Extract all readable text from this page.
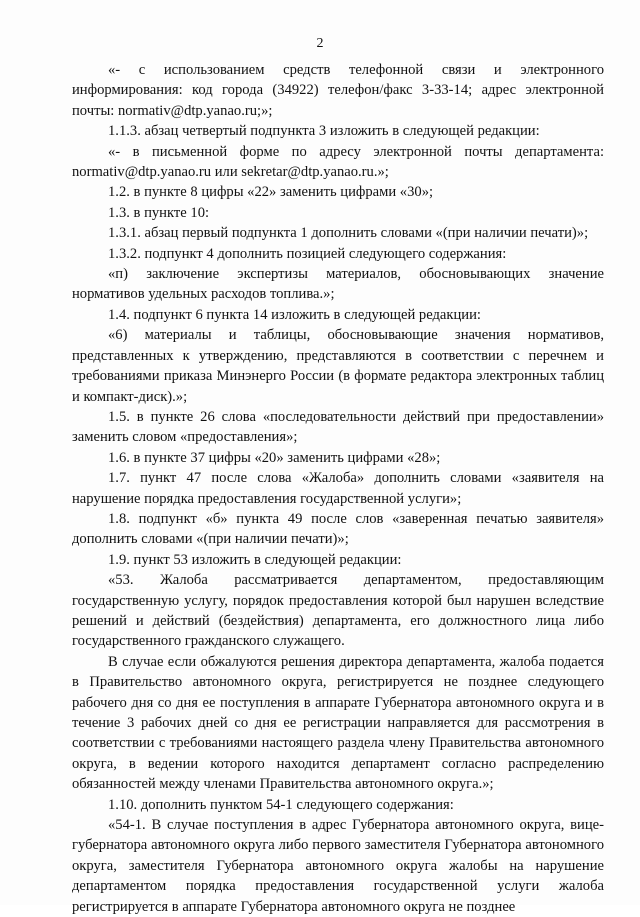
2

«- с использованием средств телефонной связи и электронного информирования: код города (34922) телефон/факс 3-33-14; адрес электронной почты: normativ@dtp.yanao.ru;»;

1.1.3. абзац четвертый подпункта 3 изложить в следующей редакции:

«- в письменной форме по адресу электронной почты департамента: normativ@dtp.yanao.ru или sekretar@dtp.yanao.ru.»;

1.2. в пункте 8 цифры «22» заменить цифрами «30»;

1.3. в пункте 10:

1.3.1. абзац первый подпункта 1 дополнить словами «(при наличии печати)»;

1.3.2. подпункт 4 дополнить позицией следующего содержания:

«п) заключение экспертизы материалов, обосновывающих значение нормативов удельных расходов топлива.»;

1.4. подпункт 6 пункта 14 изложить в следующей редакции:

«6) материалы и таблицы, обосновывающие значения нормативов, представленных к утверждению, представляются в соответствии с перечнем и требованиями приказа Минэнерго России (в формате редактора электронных таблиц и компакт-диск).»;

1.5. в пункте 26 слова «последовательности действий при предоставлении» заменить словом «предоставления»;

1.6. в пункте 37 цифры «20» заменить цифрами «28»;

1.7. пункт 47 после слова «Жалоба» дополнить словами «заявителя на нарушение порядка предоставления государственной услуги»;

1.8. подпункт «б» пункта 49 после слов «заверенная печатью заявителя» дополнить словами «(при наличии печати)»;

1.9. пункт 53 изложить в следующей редакции:

«53. Жалоба рассматривается департаментом, предоставляющим государственную услугу, порядок предоставления которой был нарушен вследствие решений и действий (бездействия) департамента, его должностного лица либо государственного гражданского служащего.

В случае если обжалуются решения директора департамента, жалоба подается в Правительство автономного округа, регистрируется не позднее следующего рабочего дня со дня ее поступления в аппарате Губернатора автономного округа и в течение 3 рабочих дней со дня ее регистрации направляется для рассмотрения в соответствии с требованиями настоящего раздела члену Правительства автономного округа, в ведении которого находится департамент согласно распределению обязанностей между членами Правительства автономного округа.»;

1.10. дополнить пунктом 54-1 следующего содержания:

«54-1. В случае поступления в адрес Губернатора автономного округа, вице-губернатора автономного округа либо первого заместителя Губернатора автономного округа, заместителя Губернатора автономного округа жалобы на нарушение департаментом порядка предоставления государственной услуги жалоба регистрируется в аппарате Губернатора автономного округа не позднее
